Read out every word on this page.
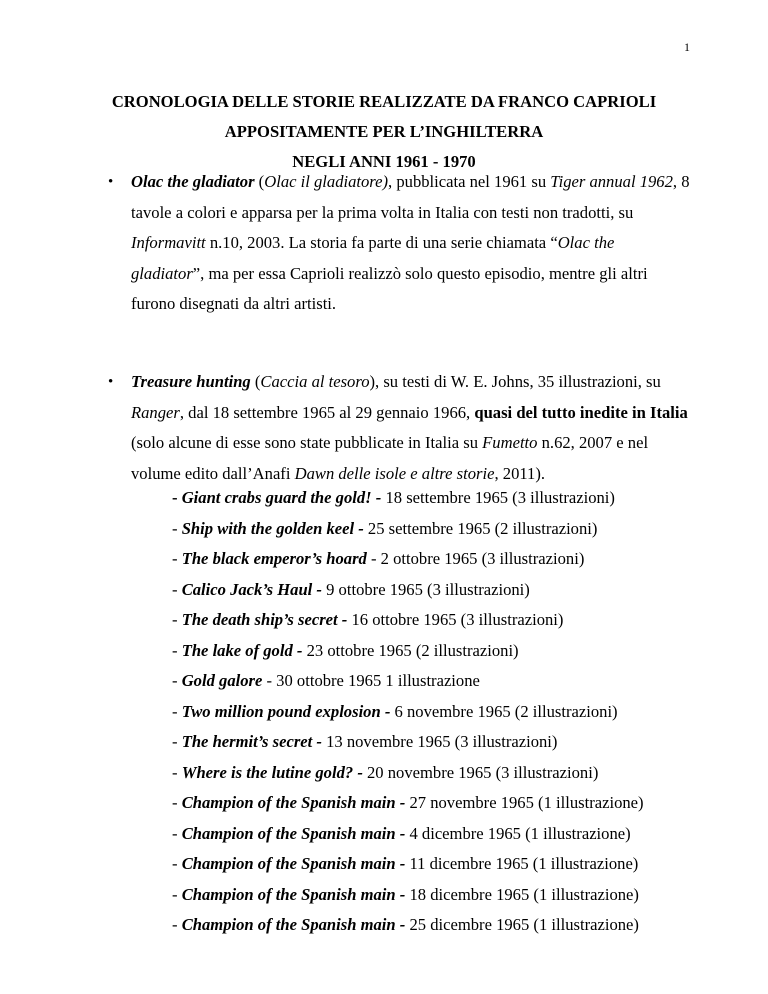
1
CRONOLOGIA DELLE STORIE REALIZZATE DA FRANCO CAPRIOLI
APPOSITAMENTE PER L’INGHILTERRA
NEGLI ANNI 1961 - 1970
• Olac the gladiator (Olac il gladiatore), pubblicata nel 1961 su Tiger annual 1962, 8 tavole a colori e apparsa per la prima volta in Italia con testi non tradotti, su Informavitt n.10, 2003. La storia fa parte di una serie chiamata “Olac the gladiator”, ma per essa Caprioli realizzò solo questo episodio, mentre gli altri furono disegnati da altri artisti.
• Treasure hunting (Caccia al tesoro), su testi di W. E. Johns, 35 illustrazioni, su Ranger, dal 18 settembre 1965 al 29 gennaio 1966, quasi del tutto inedite in Italia (solo alcune di esse sono state pubblicate in Italia su Fumetto n.62, 2007 e nel volume edito dall’Anafi Dawn delle isole e altre storie, 2011).
- Giant crabs guard the gold! - 18 settembre 1965 (3 illustrazioni)
- Ship with the golden keel - 25 settembre 1965 (2 illustrazioni)
- The black emperor’s hoard - 2 ottobre 1965 (3 illustrazioni)
- Calico Jack’s Haul - 9 ottobre 1965 (3 illustrazioni)
- The death ship’s secret - 16 ottobre 1965 (3 illustrazioni)
- The lake of gold - 23 ottobre 1965 (2 illustrazioni)
- Gold galore - 30 ottobre 1965 1 illustrazione
- Two million pound explosion - 6 novembre 1965 (2 illustrazioni)
- The hermit’s secret - 13 novembre 1965 (3 illustrazioni)
- Where is the lutine gold? - 20 novembre 1965 (3 illustrazioni)
- Champion of the Spanish main - 27 novembre 1965 (1 illustrazione)
- Champion of the Spanish main - 4 dicembre 1965 (1 illustrazione)
- Champion of the Spanish main - 11 dicembre 1965 (1 illustrazione)
- Champion of the Spanish main - 18 dicembre 1965 (1 illustrazione)
- Champion of the Spanish main - 25 dicembre 1965 (1 illustrazione)
